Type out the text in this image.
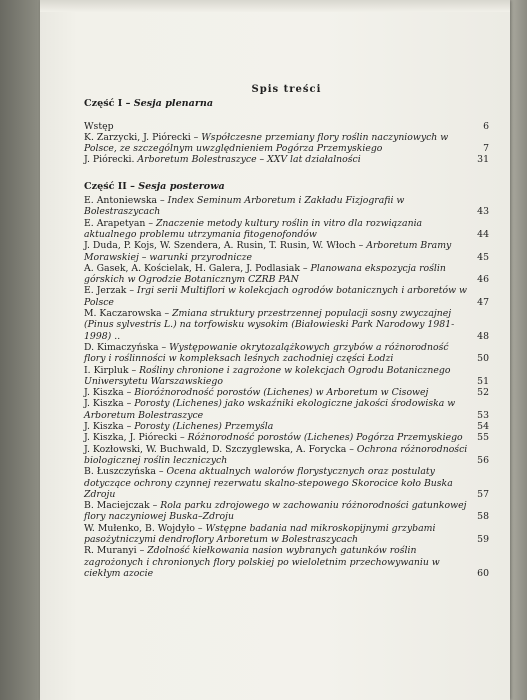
Spis treści
Część I – Sesja plenarna
Wstęp	6
K. Zarzycki, J. Piórecki – Współczesne przemiany flory roślin naczyniowych w Polsce, ze szczególnym uwzględnieniem Pogórza Przemyskiego	7
J. Piórecki. Arboretum Bolestraszyce – XXV lat działalności	31
Część II – Sesja posterowa
E. Antoniewska – Index Seminum Arboretum i Zakładu Fizjografii w Bolestraszycach	43
E. Arapetyan – Znaczenie metody kultury roślin in vitro dla rozwiązania aktualnego problemu utrzymania fitogenofondów	44
J. Duda, P. Kojs, W. Szendera, A. Rusin, T. Rusin, W. Włoch – Arboretum Bramy Morawskiej – warunki przyrodnicze	45
A. Gasek, A. Kościelak, H. Galera, J. Podlasiak – Planowana ekspozycja roślin górskich w Ogrodzie Botanicznym CZRB PAN	46
E. Jerzak – Irgi serii Multiflori w kolekcjach ogrodów botanicznych i arboretów w Polsce	47
M. Kaczarowska – Zmiana struktury przestrzennej populacji sosny zwyczajnej (Pinus sylvestris L.) na torfowisku wysokim (Białowieski Park Narodowy 1981-1998) ..	48
D. Kimaczyńska – Występowanie okrytozalążkowych grzybów a różnorodność flory i roślinności w kompleksach leśnych zachodniej części Łodzi	50
I. Kirpluk – Rośliny chronione i zagrożone w kolekcjach Ogrodu Botanicznego Uniwersytetu Warszawskiego	51
J. Kiszka – Bioróżnorodność porostów (Lichenes) w Arboretum w Cisowej	52
J. Kiszka – Porosty (Lichenes) jako wskaźniki ekologiczne jakości środowiska w Arboretum Bolestraszyce	53
J. Kiszka – Porosty (Lichenes) Przemyśla	54
J. Kiszka, J. Piórecki – Różnorodność porostów (Lichenes) Pogórza Przemyskiego 55
J. Kozłowski, W. Buchwald, D. Szczyglewska, A. Forycka – Ochrona różnorodności biologicznej roślin leczniczych	56
B. Łuszczyńska – Ocena aktualnych walorów florystycznych oraz postulaty dotyczące ochrony czynnej rezerwatu skalno-stepowego Skorocice koło Buska Zdroju	57
B. Maciejczak – Rola parku zdrojowego w zachowaniu różnorodności gatunkowej flory naczyniowej Buska–Zdroju	58
W. Mułenko, B. Wojdyło – Wstępne badania nad mikroskopijnymi grzybami pasożytniczymi dendroflory Arboretum w Bolestraszycach	59
R. Muranyi – Zdolność kiełkowania nasion wybranych gatunków roślin zagrożonych i chronionych flory polskiej po wieloletnim przechowywaniu w ciekłym azocie	60
